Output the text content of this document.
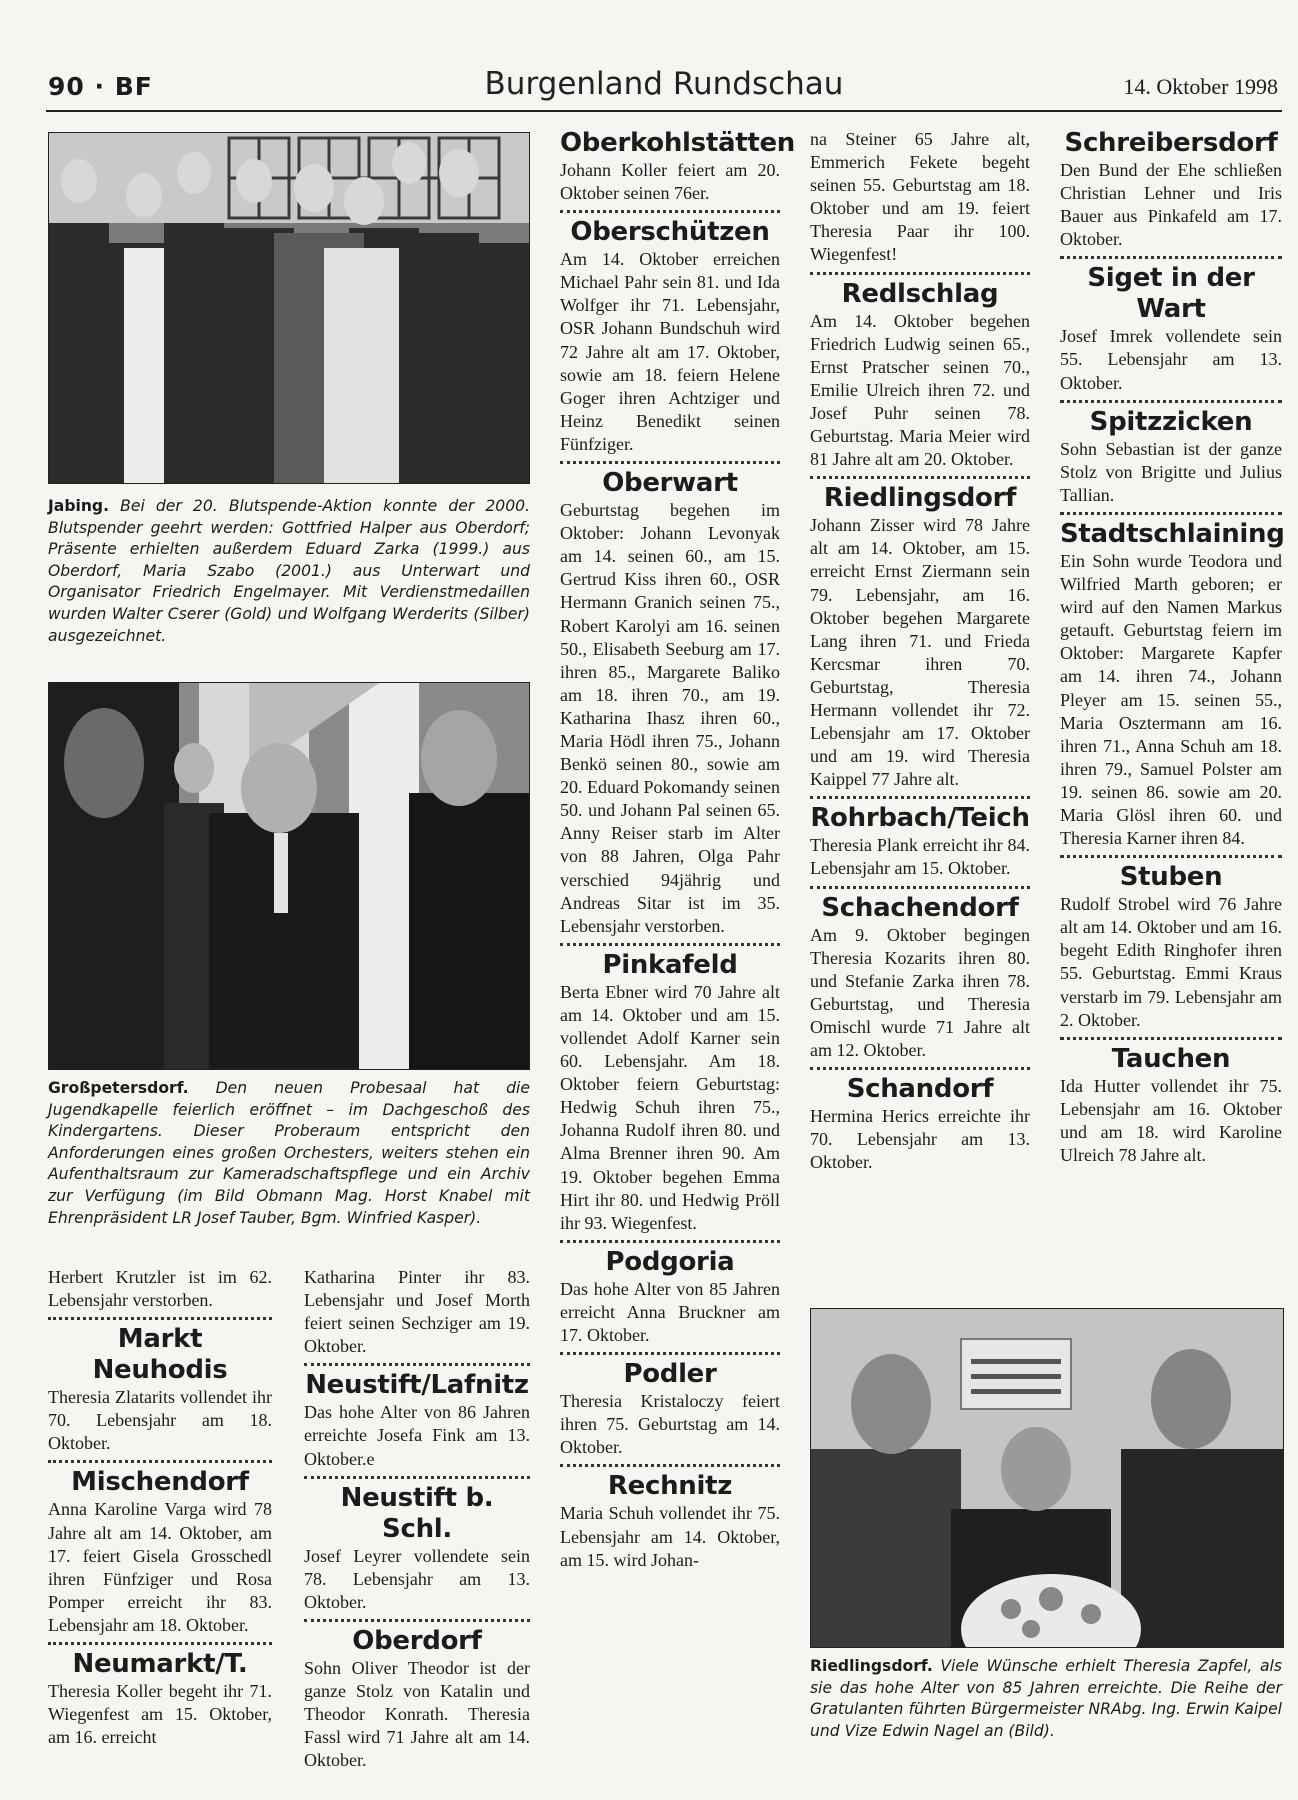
90 · BF	Burgenland Rundschau	14. Oktober 1998
Jabing. Bei der 20. Blutspende-Aktion konnte der 2000. Blutspender geehrt werden: Gottfried Halper aus Oberdorf; Präsente erhielten außerdem Eduard Zarka (1999.) aus Oberdorf, Maria Szabo (2001.) aus Unterwart und Organisator Friedrich Engelmayer. Mit Verdienstmedaillen wurden Walter Cserer (Gold) und Wolfgang Werderits (Silber) ausgezeichnet.
Großpetersdorf. Den neuen Probesaal hat die Jugendkapelle feierlich eröffnet – im Dachgeschoß des Kindergartens. Dieser Proberaum entspricht den Anforderungen eines großen Orchesters, weiters stehen ein Aufenthaltsraum zur Kameradschaftspflege und ein Archiv zur Verfügung (im Bild Obmann Mag. Horst Knabel mit Ehrenpräsident LR Josef Tauber, Bgm. Winfried Kasper).

Herbert Krutzler ist im 62. Lebensjahr verstorben.

Markt Neuhodis

Theresia Zlatarits vollendet ihr 70. Lebensjahr am 18. Oktober.

Mischendorf

Anna Karoline Varga wird 78 Jahre alt am 14. Oktober, am 17. feiert Gisela Grosschedl ihren Fünfziger und Rosa Pomper erreicht ihr 83. Lebensjahr am 18. Oktober.

Neumarkt/T.

Theresia Koller begeht ihr 71. Wiegenfest am 15. Oktober, am 16. erreicht

Katharina Pinter ihr 83. Lebensjahr und Josef Morth feiert seinen Sechziger am 19. Oktober.

Neustift/Lafnitz

Das hohe Alter von 86 Jahren erreichte Josefa Fink am 13. Oktober.e

Neustift b. Schl.

Josef Leyrer vollendete sein 78. Lebensjahr am 13. Oktober.

Oberdorf

Sohn Oliver Theodor ist der ganze Stolz von Katalin und Theodor Konrath. Theresia Fassl wird 71 Jahre alt am 14. Oktober.

Oberkohlstätten

Johann Koller feiert am 20. Oktober seinen 76er.

Oberschützen

Am 14. Oktober erreichen Michael Pahr sein 81. und Ida Wolfger ihr 71. Lebensjahr, OSR Johann Bundschuh wird 72 Jahre alt am 17. Oktober, sowie am 18. feiern Helene Goger ihren Achtziger und Heinz Benedikt seinen Fünfziger.

Oberwart

Geburtstag begehen im Oktober: Johann Levonyak am 14. seinen 60., am 15. Gertrud Kiss ihren 60., OSR Hermann Granich seinen 75., Robert Karolyi am 16. seinen 50., Elisabeth Seeburg am 17. ihren 85., Margarete Baliko am 18. ihren 70., am 19. Katharina Ihasz ihren 60., Maria Hödl ihren 75., Johann Benkö seinen 80., sowie am 20. Eduard Pokomandy seinen 50. und Johann Pal seinen 65. Anny Reiser starb im Alter von 88 Jahren, Olga Pahr verschied 94jährig und Andreas Sitar ist im 35. Lebensjahr verstorben.

Pinkafeld

Berta Ebner wird 70 Jahre alt am 14. Oktober und am 15. vollendet Adolf Karner sein 60. Lebensjahr. Am 18. Oktober feiern Geburtstag: Hedwig Schuh ihren 75., Johanna Rudolf ihren 80. und Alma Brenner ihren 90. Am 19. Oktober begehen Emma Hirt ihr 80. und Hedwig Pröll ihr 93. Wiegenfest.

Podgoria

Das hohe Alter von 85 Jahren erreicht Anna Bruckner am 17. Oktober.

Podler

Theresia Kristaloczy feiert ihren 75. Geburtstag am 14. Oktober.

Rechnitz

Maria Schuh vollendet ihr 75. Lebensjahr am 14. Oktober, am 15. wird Johan-

na Steiner 65 Jahre alt, Emmerich Fekete begeht seinen 55. Geburtstag am 18. Oktober und am 19. feiert Theresia Paar ihr 100. Wiegenfest!

Redlschlag

Am 14. Oktober begehen Friedrich Ludwig seinen 65., Ernst Pratscher seinen 70., Emilie Ulreich ihren 72. und Josef Puhr seinen 78. Geburtstag. Maria Meier wird 81 Jahre alt am 20. Oktober.

Riedlingsdorf

Johann Zisser wird 78 Jahre alt am 14. Oktober, am 15. erreicht Ernst Ziermann sein 79. Lebensjahr, am 16. Oktober begehen Margarete Lang ihren 71. und Frieda Kercsmar ihren 70. Geburtstag, Theresia Hermann vollendet ihr 72. Lebensjahr am 17. Oktober und am 19. wird Theresia Kaippel 77 Jahre alt.

Rohrbach/Teich

Theresia Plank erreicht ihr 84. Lebensjahr am 15. Oktober.

Schachendorf

Am 9. Oktober begingen Theresia Kozarits ihren 80. und Stefanie Zarka ihren 78. Geburtstag, und Theresia Omischl wurde 71 Jahre alt am 12. Oktober.

Schandorf

Hermina Herics erreichte ihr 70. Lebensjahr am 13. Oktober.

Schreibersdorf

Den Bund der Ehe schließen Christian Lehner und Iris Bauer aus Pinkafeld am 17. Oktober.

Siget in der Wart

Josef Imrek vollendete sein 55. Lebensjahr am 13. Oktober.

Spitzzicken

Sohn Sebastian ist der ganze Stolz von Brigitte und Julius Tallian.

Stadtschlaining

Ein Sohn wurde Teodora und Wilfried Marth geboren; er wird auf den Namen Markus getauft. Geburtstag feiern im Oktober: Margarete Kapfer am 14. ihren 74., Johann Pleyer am 15. seinen 55., Maria Osztermann am 16. ihren 71., Anna Schuh am 18. ihren 79., Samuel Polster am 19. seinen 86. sowie am 20. Maria Glösl ihren 60. und Theresia Karner ihren 84.

Stuben

Rudolf Strobel wird 76 Jahre alt am 14. Oktober und am 16. begeht Edith Ringhofer ihren 55. Geburtstag. Emmi Kraus verstarb im 79. Lebensjahr am 2. Oktober.

Tauchen

Ida Hutter vollendet ihr 75. Lebensjahr am 16. Oktober und am 18. wird Karoline Ulreich 78 Jahre alt.

Riedlingsdorf. Viele Wünsche erhielt Theresia Zapfel, als sie das hohe Alter von 85 Jahren erreichte. Die Reihe der Gratulanten führten Bürgermeister NRAbg. Ing. Erwin Kaipel und Vize Edwin Nagel an (Bild).
